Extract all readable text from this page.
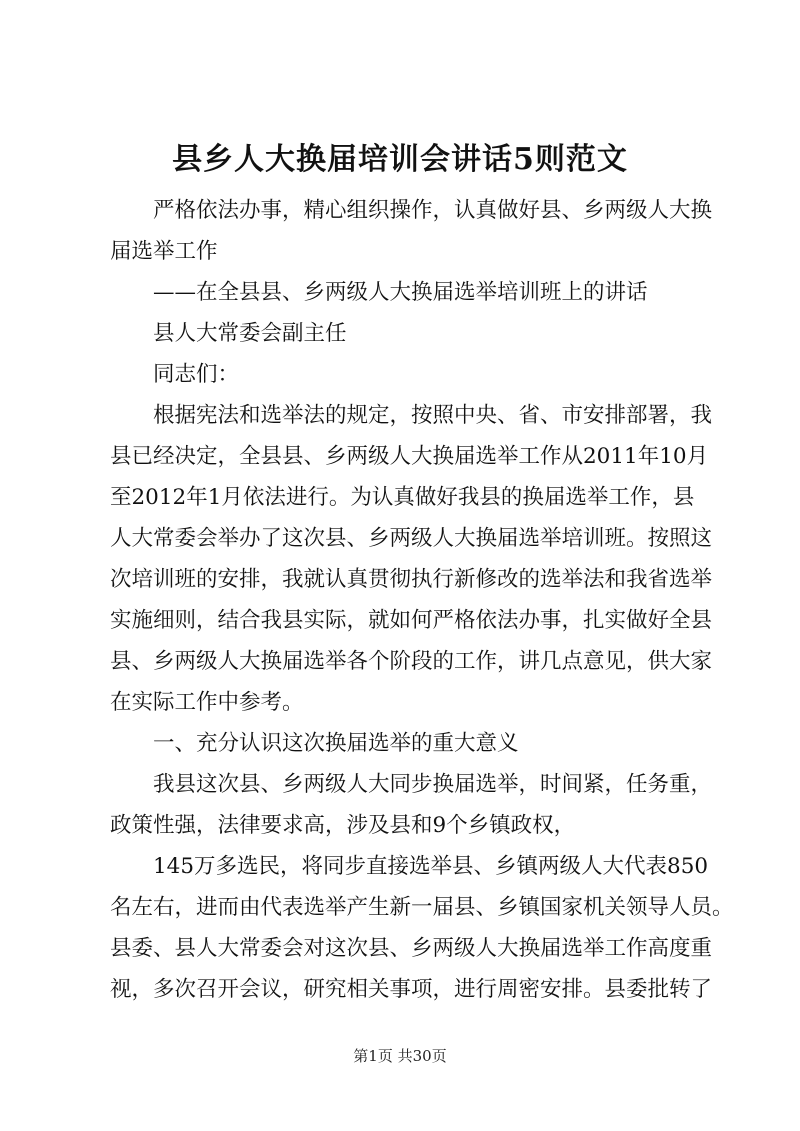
县乡人大换届培训会讲话5则范文
严格依法办事，精心组织操作，认真做好县、乡两级人大换
届选举工作
——在全县县、乡两级人大换届选举培训班上的讲话
县人大常委会副主任
同志们：
根据宪法和选举法的规定，按照中央、省、市安排部署，我
县已经决定，全县县、乡两级人大换届选举工作从2011年10月
至2012年1月依法进行。为认真做好我县的换届选举工作，县
人大常委会举办了这次县、乡两级人大换届选举培训班。按照这
次培训班的安排，我就认真贯彻执行新修改的选举法和我省选举
实施细则，结合我县实际，就如何严格依法办事，扎实做好全县
县、乡两级人大换届选举各个阶段的工作，讲几点意见，供大家
在实际工作中参考。
一、充分认识这次换届选举的重大意义
我县这次县、乡两级人大同步换届选举，时间紧，任务重，
政策性强，法律要求高，涉及县和9个乡镇政权，
145万多选民，将同步直接选举县、乡镇两级人大代表850
名左右，进而由代表选举产生新一届县、乡镇国家机关领导人员。
县委、县人大常委会对这次县、乡两级人大换届选举工作高度重
视，多次召开会议，研究相关事项，进行周密安排。县委批转了
第1页 共30页
